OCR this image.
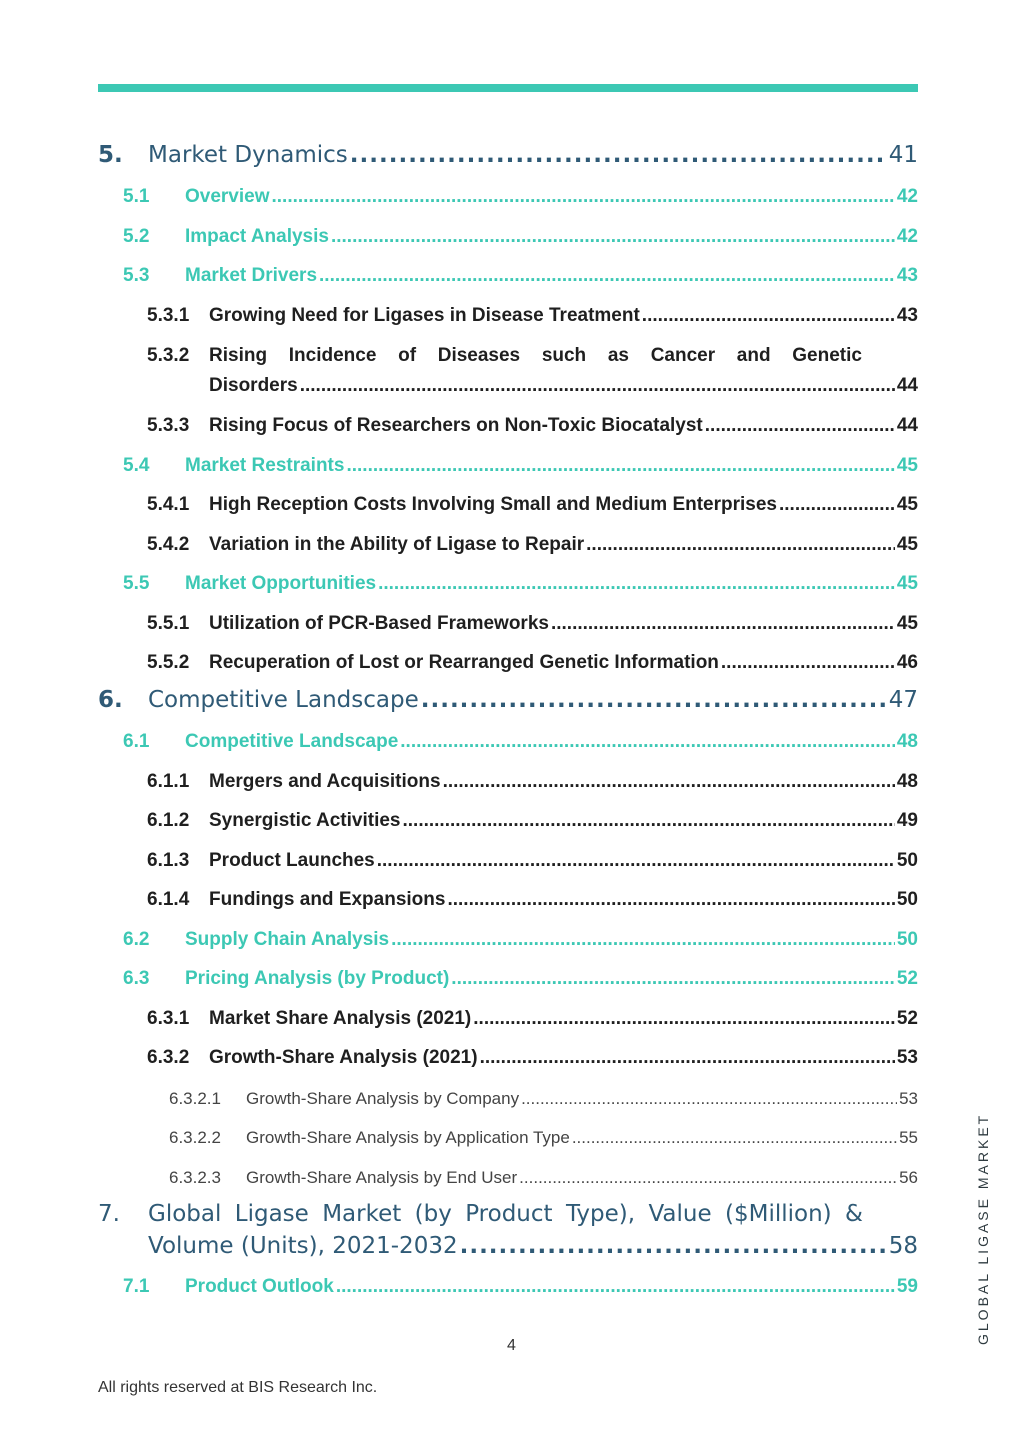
5.	Market Dynamics .....	41
5.1	Overview .....	42
5.2	Impact Analysis .....	42
5.3	Market Drivers .....	43
5.3.1	Growing Need for Ligases in Disease Treatment .....	43
5.3.2	Rising Incidence of Diseases such as Cancer and Genetic
Disorders .....	44
5.3.3	Rising Focus of Researchers on Non-Toxic Biocatalyst .....	44
5.4	Market Restraints .....	45
5.4.1	High Reception Costs Involving Small and Medium Enterprises .....	45
5.4.2	Variation in the Ability of Ligase to Repair .....	45
5.5	Market Opportunities .....	45
5.5.1	Utilization of PCR-Based Frameworks .....	45
5.5.2	Recuperation of Lost or Rearranged Genetic Information .....	46
6.	Competitive Landscape .....	47
6.1	Competitive Landscape .....	48
6.1.1	Mergers and Acquisitions .....	48
6.1.2	Synergistic Activities .....	49
6.1.3	Product Launches .....	50
6.1.4	Fundings and Expansions .....	50
6.2	Supply Chain Analysis .....	50
6.3	Pricing Analysis (by Product) .....	52
6.3.1	Market Share Analysis (2021) .....	52
6.3.2	Growth-Share Analysis (2021) .....	53
6.3.2.1	Growth-Share Analysis by Company .....	53
6.3.2.2	Growth-Share Analysis by Application Type .....	55
6.3.2.3	Growth-Share Analysis by End User .....	56
7.	Global Ligase Market (by Product Type), Value ($Million) &
Volume (Units), 2021-2032 .....	58
7.1	Product Outlook .....	59	GLOBAL LIGASE MARKET
4
All rights reserved at BIS Research Inc.
